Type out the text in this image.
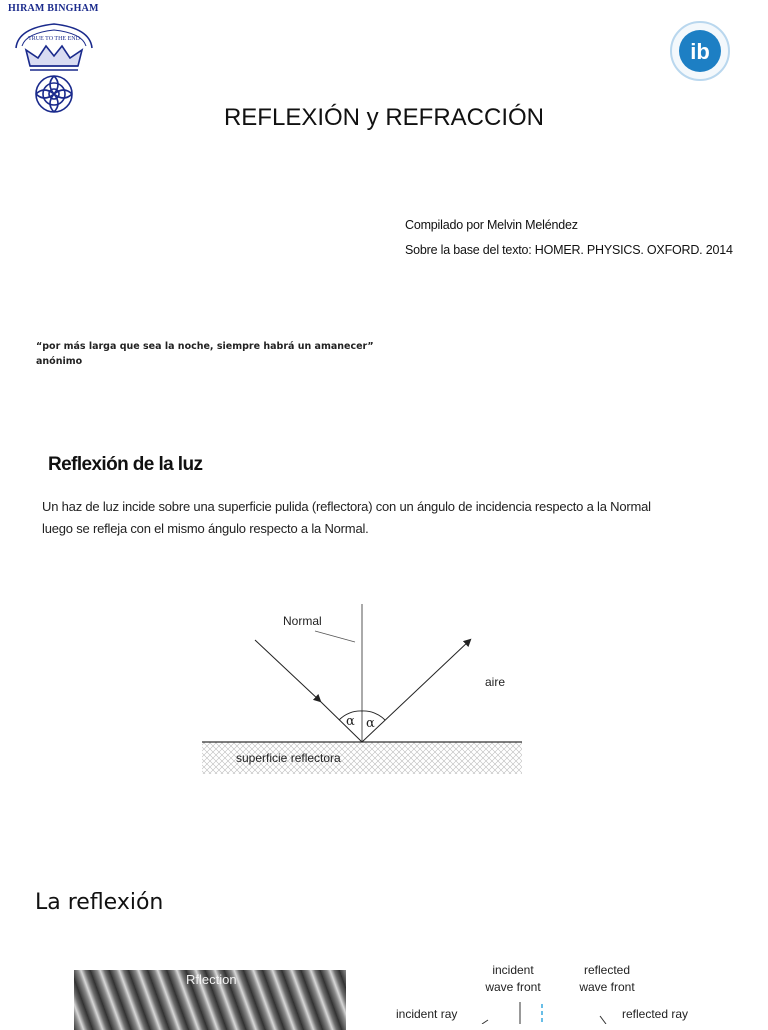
HIRAM BINGHAM
TRUE TO THE END	ib
REFLEXIÓN y REFRACCIÓN
Compilado por Melvin Meléndez
Sobre la base del texto: HOMER. PHYSICS. OXFORD. 2014
“por más larga que sea la noche, siempre habrá un amanecer”
anónimo
Reflexión de la luz
Un haz de luz incide sobre una superficie pulida (reflectora) con un ángulo de incidencia respecto a la Normal
luego se refleja con el mismo ángulo respecto a la Normal.
Normal
aire
superficie reflectora
α α
La reflexión
Rflection
incident
wave front
reflected
wave front
incident ray	reflected ray
